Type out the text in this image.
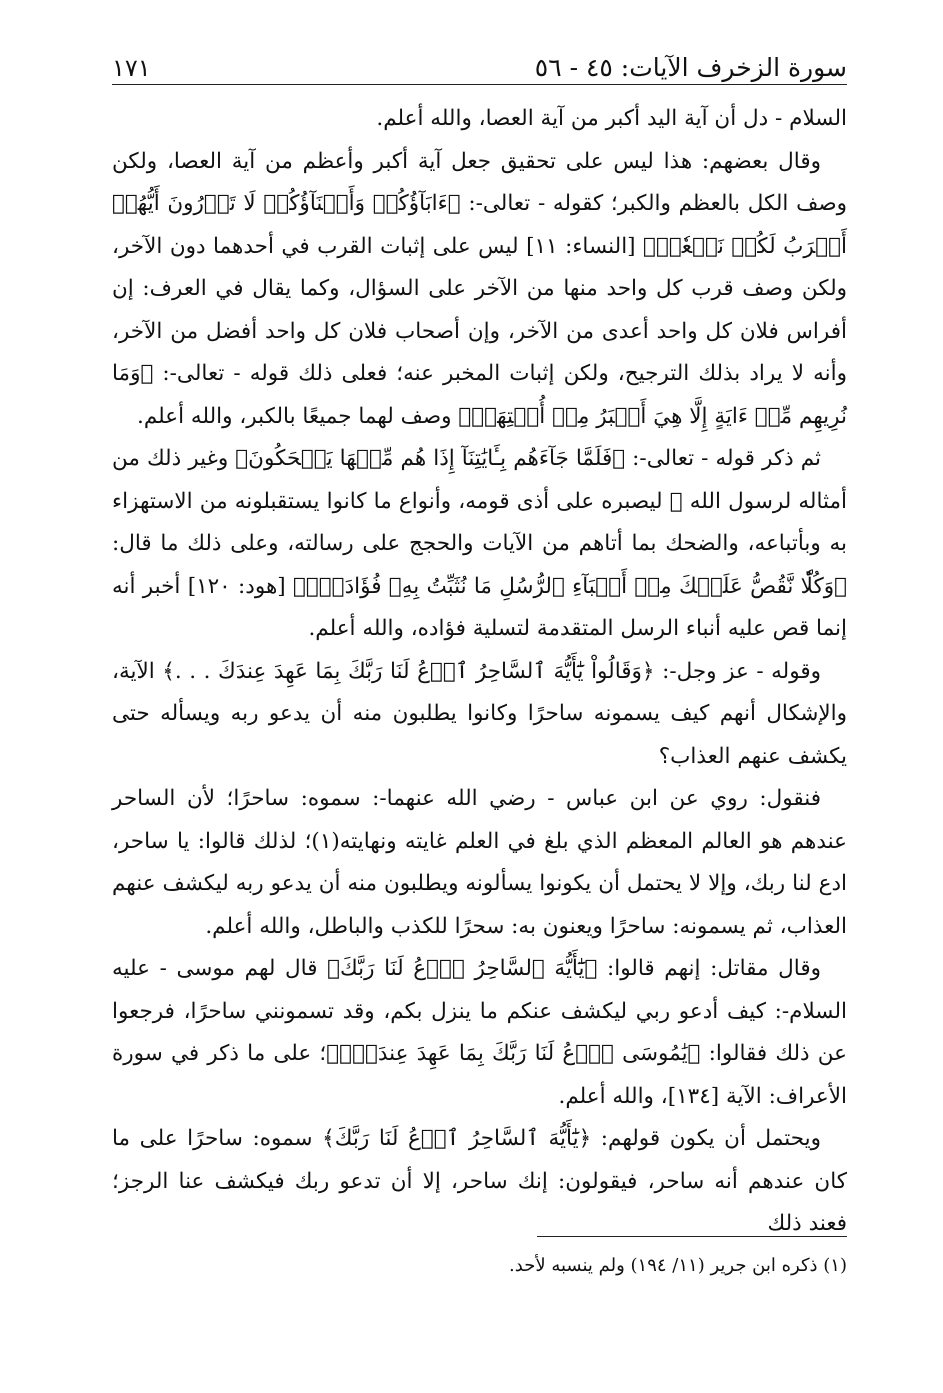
سورة الزخرف الآيات: ٤٥ - ٥٦
١٧١

السلام - دل أن آية اليد أكبر من آية العصا، والله أعلم.

وقال بعضهم: هذا ليس على تحقيق جعل آية أكبر وأعظم من آية العصا، ولكن وصف الكل بالعظم والكبر؛ كقوله - تعالى-: ﴿ءَابَآؤُكُمۡ وَأَبۡنَآؤُكُمۡ لَا تَدۡرُونَ أَيُّهُمۡ أَقۡرَبُ لَكُمۡ نَفۡعٗاۚ﴾ [النساء: ١١] ليس على إثبات القرب في أحدهما دون الآخر، ولكن وصف قرب كل واحد منها من الآخر على السؤال، وكما يقال في العرف: إن أفراس فلان كل واحد أعدى من الآخر، وإن أصحاب فلان كل واحد أفضل من الآخر، وأنه لا يراد بذلك الترجيح، ولكن إثبات المخبر عنه؛ فعلى ذلك قوله - تعالى-: ﴿وَمَا نُرِيهِم مِّنۡ ءَايَةٍ إِلَّا هِيَ أَكۡبَرُ مِنۡ أُخۡتِهَاۖ﴾ وصف لهما جميعًا بالكبر، والله أعلم.

ثم ذكر قوله - تعالى-: ﴿فَلَمَّا جَآءَهُم بِـَٔايَٰتِنَآ إِذَا هُم مِّنۡهَا يَضۡحَكُونَ﴾ وغير ذلك من أمثاله لرسول الله ﷺ ليصبره على أذى قومه، وأنواع ما كانوا يستقبلونه من الاستهزاء به وبأتباعه، والضحك بما أتاهم من الآيات والحجج على رسالته، وعلى ذلك ما قال: ﴿وَكُلّٗا نَّقُصُّ عَلَيۡكَ مِنۡ أَنۢبَآءِ ٱلرُّسُلِ مَا نُثَبِّتُ بِهِۦ فُؤَادَكَۚ﴾ [هود: ١٢٠] أخبر أنه إنما قص عليه أنباء الرسل المتقدمة لتسلية فؤاده، والله أعلم.

وقوله - عز وجل-: ﴿وَقَالُواْ يَٰٓأَيُّهَ ٱلسَّاحِرُ ٱدۡعُ لَنَا رَبَّكَ بِمَا عَهِدَ عِندَكَ . . .﴾ الآية، والإشكال أنهم كيف يسمونه ساحرًا وكانوا يطلبون منه أن يدعو ربه ويسأله حتى يكشف عنهم العذاب؟

فنقول: روي عن ابن عباس - رضي الله عنهما-: سموه: ساحرًا؛ لأن الساحر عندهم هو العالم المعظم الذي بلغ في العلم غايته ونهايته(١)؛ لذلك قالوا: يا ساحر، ادع لنا ربك، وإلا لا يحتمل أن يكونوا يسألونه ويطلبون منه أن يدعو ربه ليكشف عنهم العذاب، ثم يسمونه: ساحرًا ويعنون به: سحرًا للكذب والباطل، والله أعلم.

وقال مقاتل: إنهم قالوا: ﴿يَٰٓأَيُّهَ ٱلسَّاحِرُ ٱدۡعُ لَنَا رَبَّكَ﴾ قال لهم موسى - عليه السلام-: كيف أدعو ربي ليكشف عنكم ما ينزل بكم، وقد تسمونني ساحرًا، فرجعوا عن ذلك فقالوا: ﴿يَٰمُوسَى ٱدۡعُ لَنَا رَبَّكَ بِمَا عَهِدَ عِندَكَۖ﴾؛ على ما ذكر في سورة الأعراف: الآية [١٣٤]، والله أعلم.

ويحتمل أن يكون قولهم: ﴿يَٰٓأَيُّهَ ٱلسَّاحِرُ ٱدۡعُ لَنَا رَبَّكَ﴾ سموه: ساحرًا على ما كان عندهم أنه ساحر، فيقولون: إنك ساحر، إلا أن تدعو ربك فيكشف عنا الرجز؛ فعند ذلك

(١) ذكره ابن جرير (١١/ ١٩٤) ولم ينسبه لأحد.
